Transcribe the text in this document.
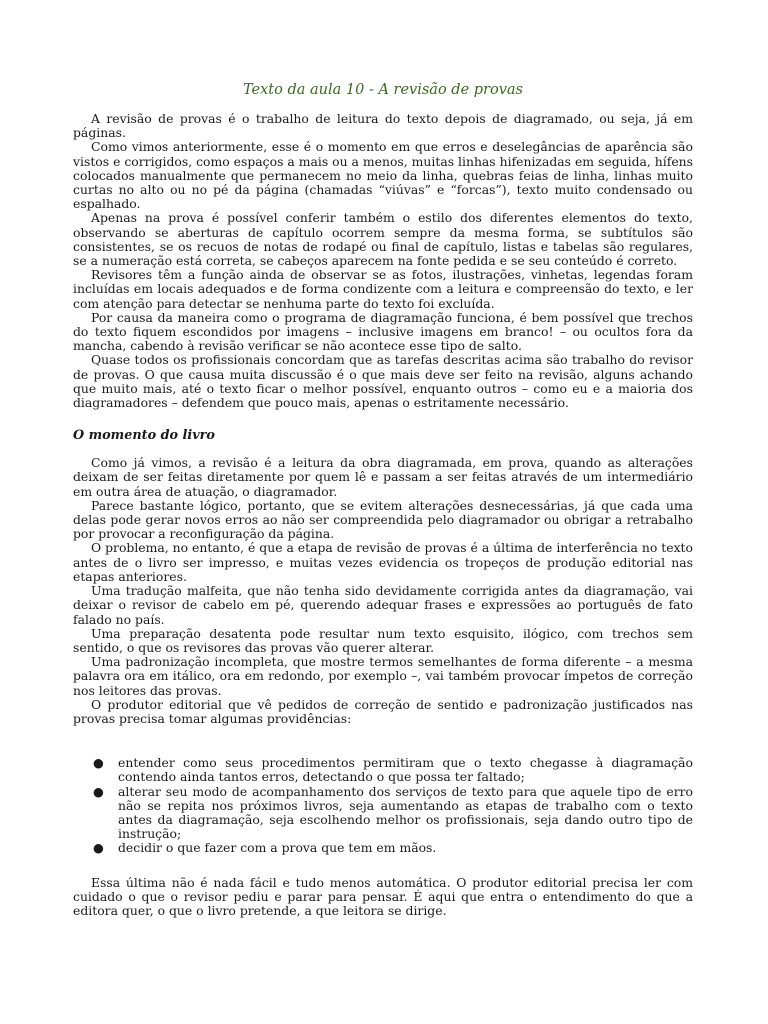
Texto da aula 10 - A revisão de provas

A revisão de provas é o trabalho de leitura do texto depois de diagramado, ou seja, já em páginas.

Como vimos anteriormente, esse é o momento em que erros e deselegâncias de aparência são vistos e corrigidos, como espaços a mais ou a menos, muitas linhas hifenizadas em seguida, hífens colocados manualmente que permanecem no meio da linha, quebras feias de linha, linhas muito curtas no alto ou no pé da página (chamadas “viúvas” e “forcas”), texto muito condensado ou espalhado.

Apenas na prova é possível conferir também o estilo dos diferentes elementos do texto, observando se aberturas de capítulo ocorrem sempre da mesma forma, se subtítulos são consistentes, se os recuos de notas de rodapé ou final de capítulo, listas e tabelas são regulares, se a numeração está correta, se cabeços aparecem na fonte pedida e se seu conteúdo é correto.

Revisores têm a função ainda de observar se as fotos, ilustrações, vinhetas, legendas foram incluídas em locais adequados e de forma condizente com a leitura e compreensão do texto, e ler com atenção para detectar se nenhuma parte do texto foi excluída.

Por causa da maneira como o programa de diagramação funciona, é bem possível que trechos do texto fiquem escondidos por imagens – inclusive imagens em branco! – ou ocultos fora da mancha, cabendo à revisão verificar se não acontece esse tipo de salto.

Quase todos os profissionais concordam que as tarefas descritas acima são trabalho do revisor de provas. O que causa muita discussão é o que mais deve ser feito na revisão, alguns achando que muito mais, até o texto ficar o melhor possível, enquanto outros – como eu e a maioria dos diagramadores – defendem que pouco mais, apenas o estritamente necessário.

O momento do livro

Como já vimos, a revisão é a leitura da obra diagramada, em prova, quando as alterações deixam de ser feitas diretamente por quem lê e passam a ser feitas através de um intermediário em outra área de atuação, o diagramador.

Parece bastante lógico, portanto, que se evitem alterações desnecessárias, já que cada uma delas pode gerar novos erros ao não ser compreendida pelo diagramador ou obrigar a retrabalho por provocar a reconfiguração da página.

O problema, no entanto, é que a etapa de revisão de provas é a última de interferência no texto antes de o livro ser impresso, e muitas vezes evidencia os tropeços de produção editorial nas etapas anteriores.

Uma tradução malfeita, que não tenha sido devidamente corrigida antes da diagramação, vai deixar o revisor de cabelo em pé, querendo adequar frases e expressões ao português de fato falado no país.

Uma preparação desatenta pode resultar num texto esquisito, ilógico, com trechos sem sentido, o que os revisores das provas vão querer alterar.

Uma padronização incompleta, que mostre termos semelhantes de forma diferente – a mesma palavra ora em itálico, ora em redondo, por exemplo –, vai também provocar ímpetos de correção nos leitores das provas.

O produtor editorial que vê pedidos de correção de sentido e padronização justificados nas provas precisa tomar algumas providências:

● entender como seus procedimentos permitiram que o texto chegasse à diagramação contendo ainda tantos erros, detectando o que possa ter faltado;
● alterar seu modo de acompanhamento dos serviços de texto para que aquele tipo de erro não se repita nos próximos livros, seja aumentando as etapas de trabalho com o texto antes da diagramação, seja escolhendo melhor os profissionais, seja dando outro tipo de instrução;
● decidir o que fazer com a prova que tem em mãos.

Essa última não é nada fácil e tudo menos automática. O produtor editorial precisa ler com cuidado o que o revisor pediu e parar para pensar. É aqui que entra o entendimento do que a editora quer, o que o livro pretende, a que leitora se dirige.
